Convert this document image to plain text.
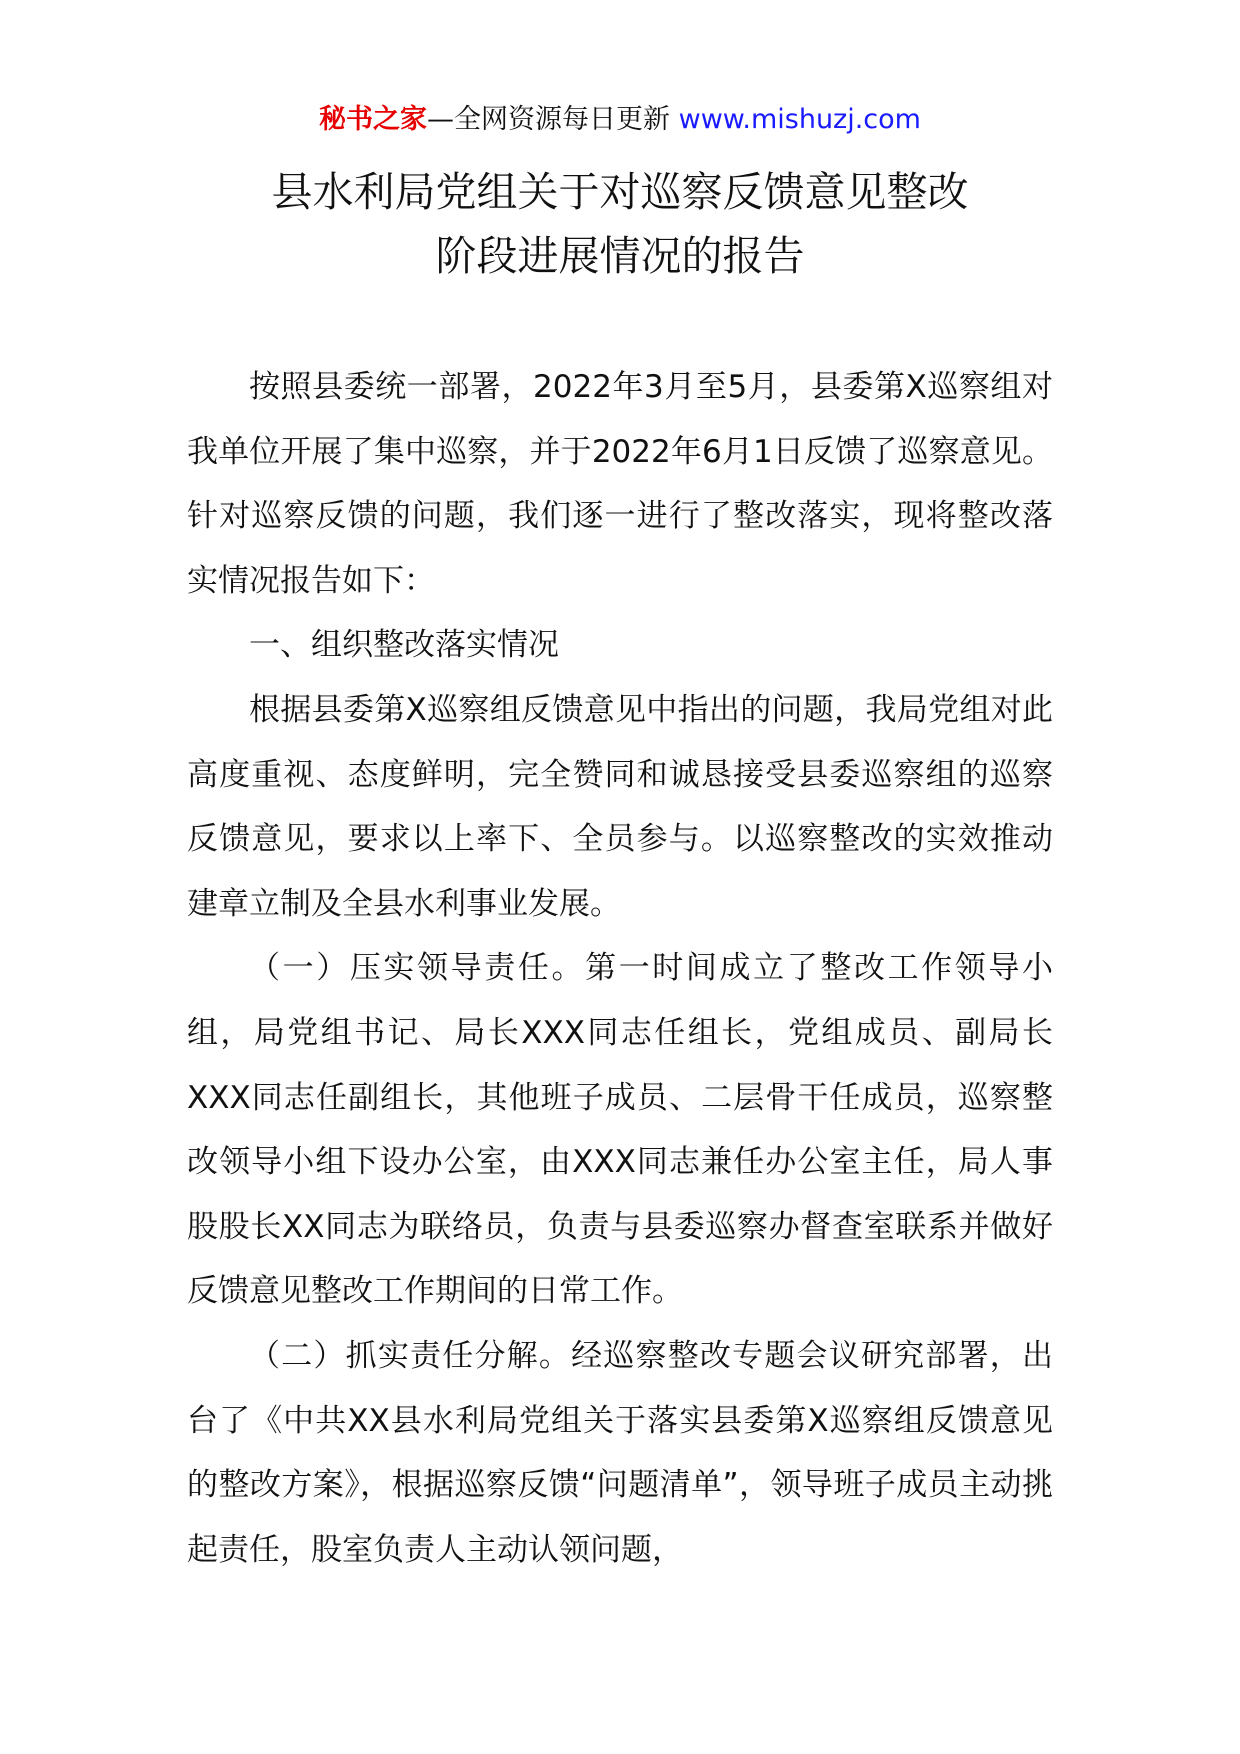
秘书之家—全网资源每日更新 www.mishuzj.com
县水利局党组关于对巡察反馈意见整改
阶段进展情况的报告

按照县委统一部署，2022年3月至5月，县委第X巡察组对我单位开展了集中巡察，并于2022年6月1日反馈了巡察意见。针对巡察反馈的问题，我们逐一进行了整改落实，现将整改落实情况报告如下：

一、组织整改落实情况

根据县委第X巡察组反馈意见中指出的问题，我局党组对此高度重视、态度鲜明，完全赞同和诚恳接受县委巡察组的巡察反馈意见，要求以上率下、全员参与。以巡察整改的实效推动建章立制及全县水利事业发展。

（一）压实领导责任。第一时间成立了整改工作领导小组，局党组书记、局长XXX同志任组长，党组成员、副局长XXX同志任副组长，其他班子成员、二层骨干任成员，巡察整改领导小组下设办公室，由XXX同志兼任办公室主任，局人事股股长XX同志为联络员，负责与县委巡察办督查室联系并做好反馈意见整改工作期间的日常工作。

（二）抓实责任分解。经巡察整改专题会议研究部署，出台了《中共XX县水利局党组关于落实县委第X巡察组反馈意见的整改方案》，根据巡察反馈“问题清单”，领导班子成员主动挑起责任，股室负责人主动认领问题，
